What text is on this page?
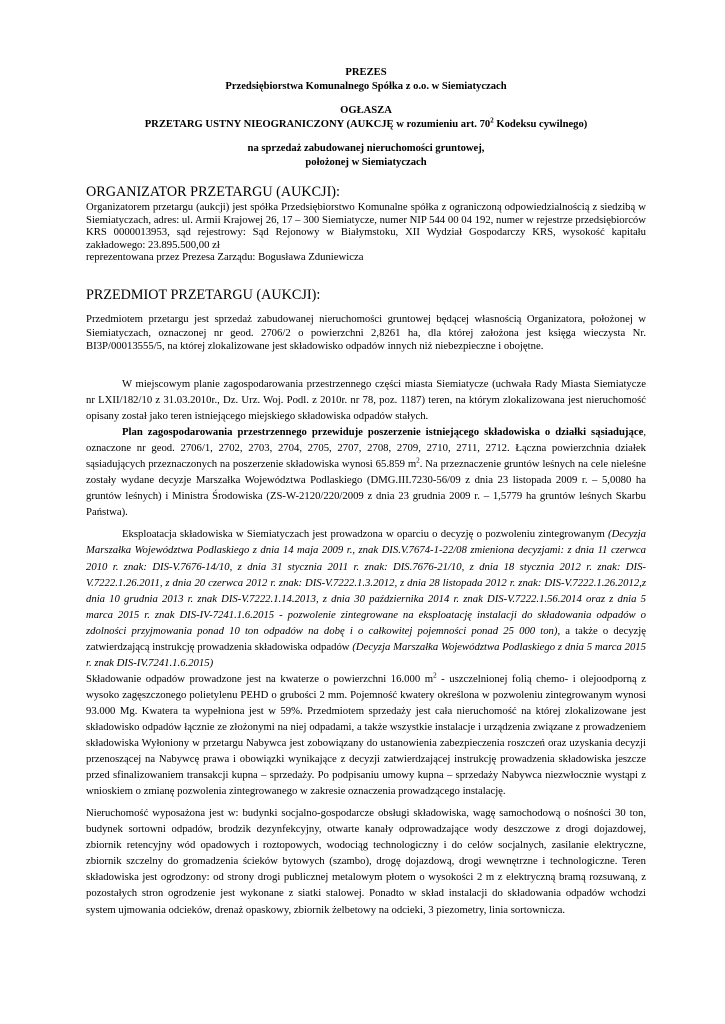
PREZES
Przedsiębiorstwa Komunalnego Spółka z o.o. w Siemiatyczach
OGŁASZA
PRZETARG USTNY NIEOGRANICZONY (AUKCJĘ w rozumieniu art. $70^2$ Kodeksu cywilnego)
na sprzedaż zabudowanej nieruchomości gruntowej,
położonej w Siemiatyczach
ORGANIZATOR PRZETARGU (AUKCJI):

Organizatorem przetargu (aukcji) jest spółka Przedsiębiorstwo Komunalne spółka z ograniczoną odpowiedzialnością z siedzibą w Siemiatyczach, adres: ul. Armii Krajowej 26, 17 – 300 Siemiatycze, numer NIP 544 00 04 192, numer w rejestrze przedsiębiorców KRS 0000013953, sąd rejestrowy: Sąd Rejonowy w Białymstoku, XII Wydział Gospodarczy KRS, wysokość kapitału zakładowego: 23.895.500,00 zł

reprezentowana przez Prezesa Zarządu: Bogusława Zduniewicza

PRZEDMIOT PRZETARGU (AUKCJI):

Przedmiotem przetargu jest sprzedaż zabudowanej nieruchomości gruntowej będącej własnością Organizatora, położonej w Siemiatyczach, oznaczonej nr geod. 2706/2 o powierzchni 2,8261 ha, dla której założona jest księga wieczysta Nr. BI3P/00013555/5, na której zlokalizowane jest składowisko odpadów innych niż niebezpieczne i obojętne.

W miejscowym planie zagospodarowania przestrzennego części miasta Siemiatycze (uchwała Rady Miasta Siemiatycze nr LXII/182/10 z 31.03.2010r., Dz. Urz. Woj. Podl. z 2010r. nr 78, poz. 1187) teren, na którym zlokalizowana jest nieruchomość opisany został jako teren istniejącego miejskiego składowiska odpadów stałych.

Plan zagospodarowania przestrzennego przewiduje poszerzenie istniejącego składowiska o działki sąsiadujące, oznaczone nr geod. 2706/1, 2702, 2703, 2704, 2705, 2707, 2708, 2709, 2710, 2711, 2712. Łączna powierzchnia działek sąsiadujących przeznaczonych na poszerzenie składowiska wynosi 65.859 $m^2$. Na przeznaczenie gruntów leśnych na cele nieleśne zostały wydane decyzje Marszałka Województwa Podlaskiego (DMG.III.7230-56/09 z dnia 23 listopada 2009 r. – 5,0080 ha gruntów leśnych) i Ministra Środowiska (ZS-W-2120/220/2009 z dnia 23 grudnia 2009 r. – 1,5779 ha gruntów leśnych Skarbu Państwa).

Eksploatacja składowiska w Siemiatyczach jest prowadzona w oparciu o decyzję o pozwoleniu zintegrowanym (Decyzja Marszałka Województwa Podlaskiego z dnia 14 maja 2009 r., znak DIS.V.7674-1-22/08 zmieniona decyzjami: z dnia 11 czerwca 2010 r. znak: DIS-V.7676-14/10, z dnia 31 stycznia 2011 r. znak: DIS.7676-21/10, z dnia 18 stycznia 2012 r. znak: DIS-V.7222.1.26.2011, z dnia 20 czerwca 2012 r. znak: DIS-V.7222.1.3.2012, z dnia 28 listopada 2012 r. znak: DIS-V.7222.1.26.2012,z dnia 10 grudnia 2013 r. znak DIS-V.7222.1.14.2013, z dnia 30 października 2014 r. znak DIS-V.7222.1.56.2014 oraz z dnia 5 marca 2015 r. znak DIS-IV-7241.1.6.2015 - pozwolenie zintegrowane na eksploatację instalacji do składowania odpadów o zdolności przyjmowania ponad 10 ton odpadów na dobę i o całkowitej pojemności ponad 25 000 ton), a także o decyzję zatwierdzającą instrukcję prowadzenia składowiska odpadów (Decyzja Marszałka Województwa Podlaskiego z dnia 5 marca 2015 r. znak DIS-IV.7241.1.6.2015)

Składowanie odpadów prowadzone jest na kwaterze o powierzchni 16.000 $m^2$ - uszczelnionej folią chemo- i olejoodporną z wysoko zagęszczonego polietylenu PEHD o grubości 2 mm. Pojemność kwatery określona w pozwoleniu zintegrowanym wynosi 93.000 Mg. Kwatera ta wypełniona jest w 59%. Przedmiotem sprzedaży jest cała nieruchomość na której zlokalizowane jest składowisko odpadów łącznie ze złożonymi na niej odpadami, a także wszystkie instalacje i urządzenia związane z prowadzeniem składowiska Wyłoniony w przetargu Nabywca jest zobowiązany do ustanowienia zabezpieczenia roszczeń oraz uzyskania decyzji przenoszącej na Nabywcę prawa i obowiązki wynikające z decyzji zatwierdzającej instrukcję prowadzenia składowiska jeszcze przed sfinalizowaniem transakcji kupna – sprzedaży. Po podpisaniu umowy kupna – sprzedaży Nabywca niezwłocznie wystąpi z wnioskiem o zmianę pozwolenia zintegrowanego w zakresie oznaczenia prowadzącego instalację.

Nieruchomość wyposażona jest w: budynki socjalno-gospodarcze obsługi składowiska, wagę samochodową o nośności 30 ton, budynek sortowni odpadów, brodzik dezynfekcyjny, otwarte kanały odprowadzające wody deszczowe z drogi dojazdowej, zbiornik retencyjny wód opadowych i roztopowych, wodociąg technologiczny i do celów socjalnych, zasilanie elektryczne, zbiornik szczelny do gromadzenia ścieków bytowych (szambo), drogę dojazdową, drogi wewnętrzne i technologiczne. Teren składowiska jest ogrodzony: od strony drogi publicznej metalowym płotem o wysokości 2 m z elektryczną bramą rozsuwaną, z pozostałych stron ogrodzenie jest wykonane z siatki stalowej. Ponadto w skład instalacji do składowania odpadów wchodzi system ujmowania odcieków, drenaż opaskowy, zbiornik żelbetowy na odcieki, 3 piezometry, linia sortownicza.
